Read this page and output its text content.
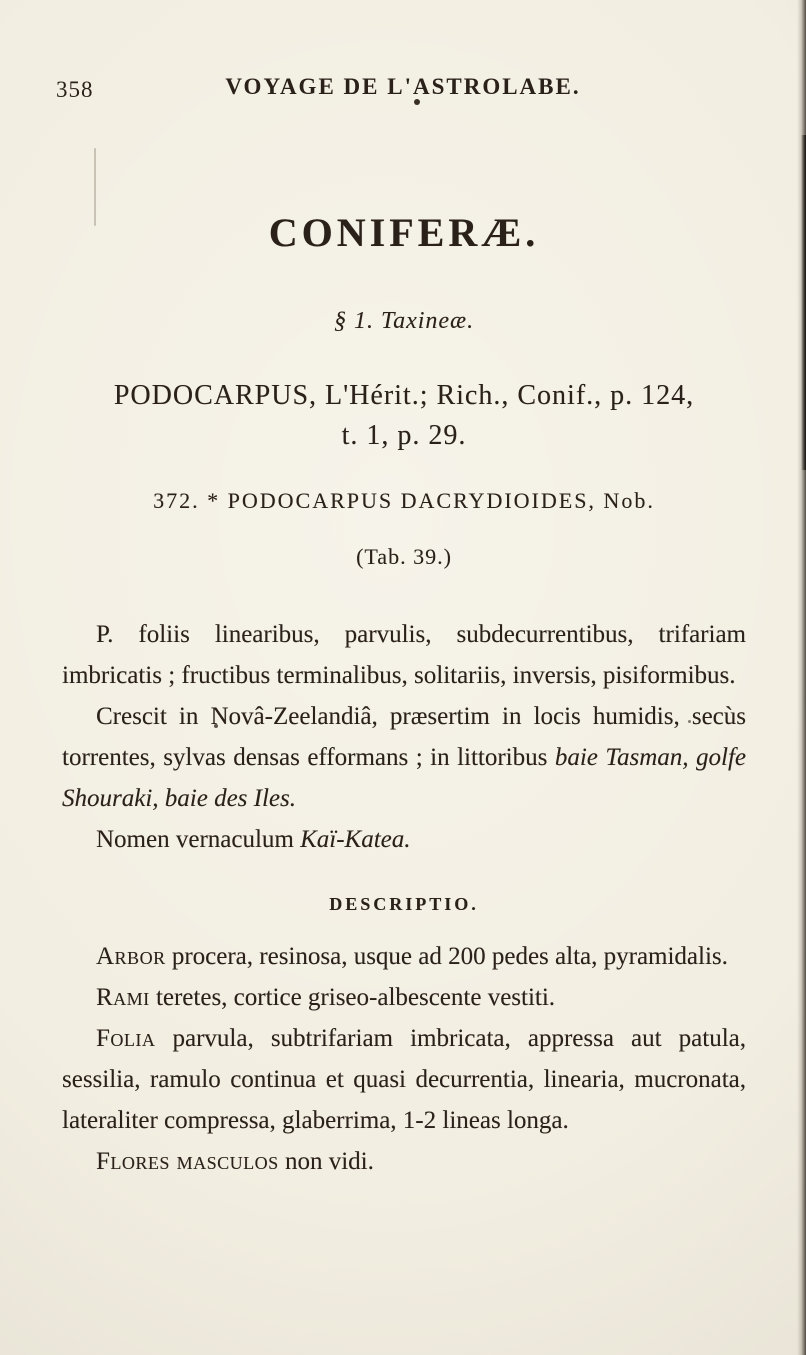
358	VOYAGE DE L'ASTROLABE.
CONIFERÆ.
§ 1. Taxineæ.
PODOCARPUS, L'Hérit.; Rich., Conif., p. 124,
t. 1, p. 29.
372. * PODOCARPUS DACRYDIOIDES, Nob.
(Tab. 39.)

P. foliis linearibus, parvulis, subdecurrentibus, trifariam imbricatis ; fructibus terminalibus, solitariis, inversis, pisiformibus.

Crescit in Novâ-Zeelandiâ, præsertim in locis humidis, secùs torrentes, sylvas densas efformans ; in littoribus baie Tasman, golfe Shouraki, baie des Iles.

Nomen vernaculum Kaï-Katea.

DESCRIPTIO.

Arbor procera, resinosa, usque ad 200 pedes alta, pyramidalis.

Rami teretes, cortice griseo-albescente vestiti.

Folia parvula, subtrifariam imbricata, appressa aut patula, sessilia, ramulo continua et quasi decurrentia, linearia, mucronata, lateraliter compressa, glaberrima, 1-2 lineas longa.

Flores masculos non vidi.
